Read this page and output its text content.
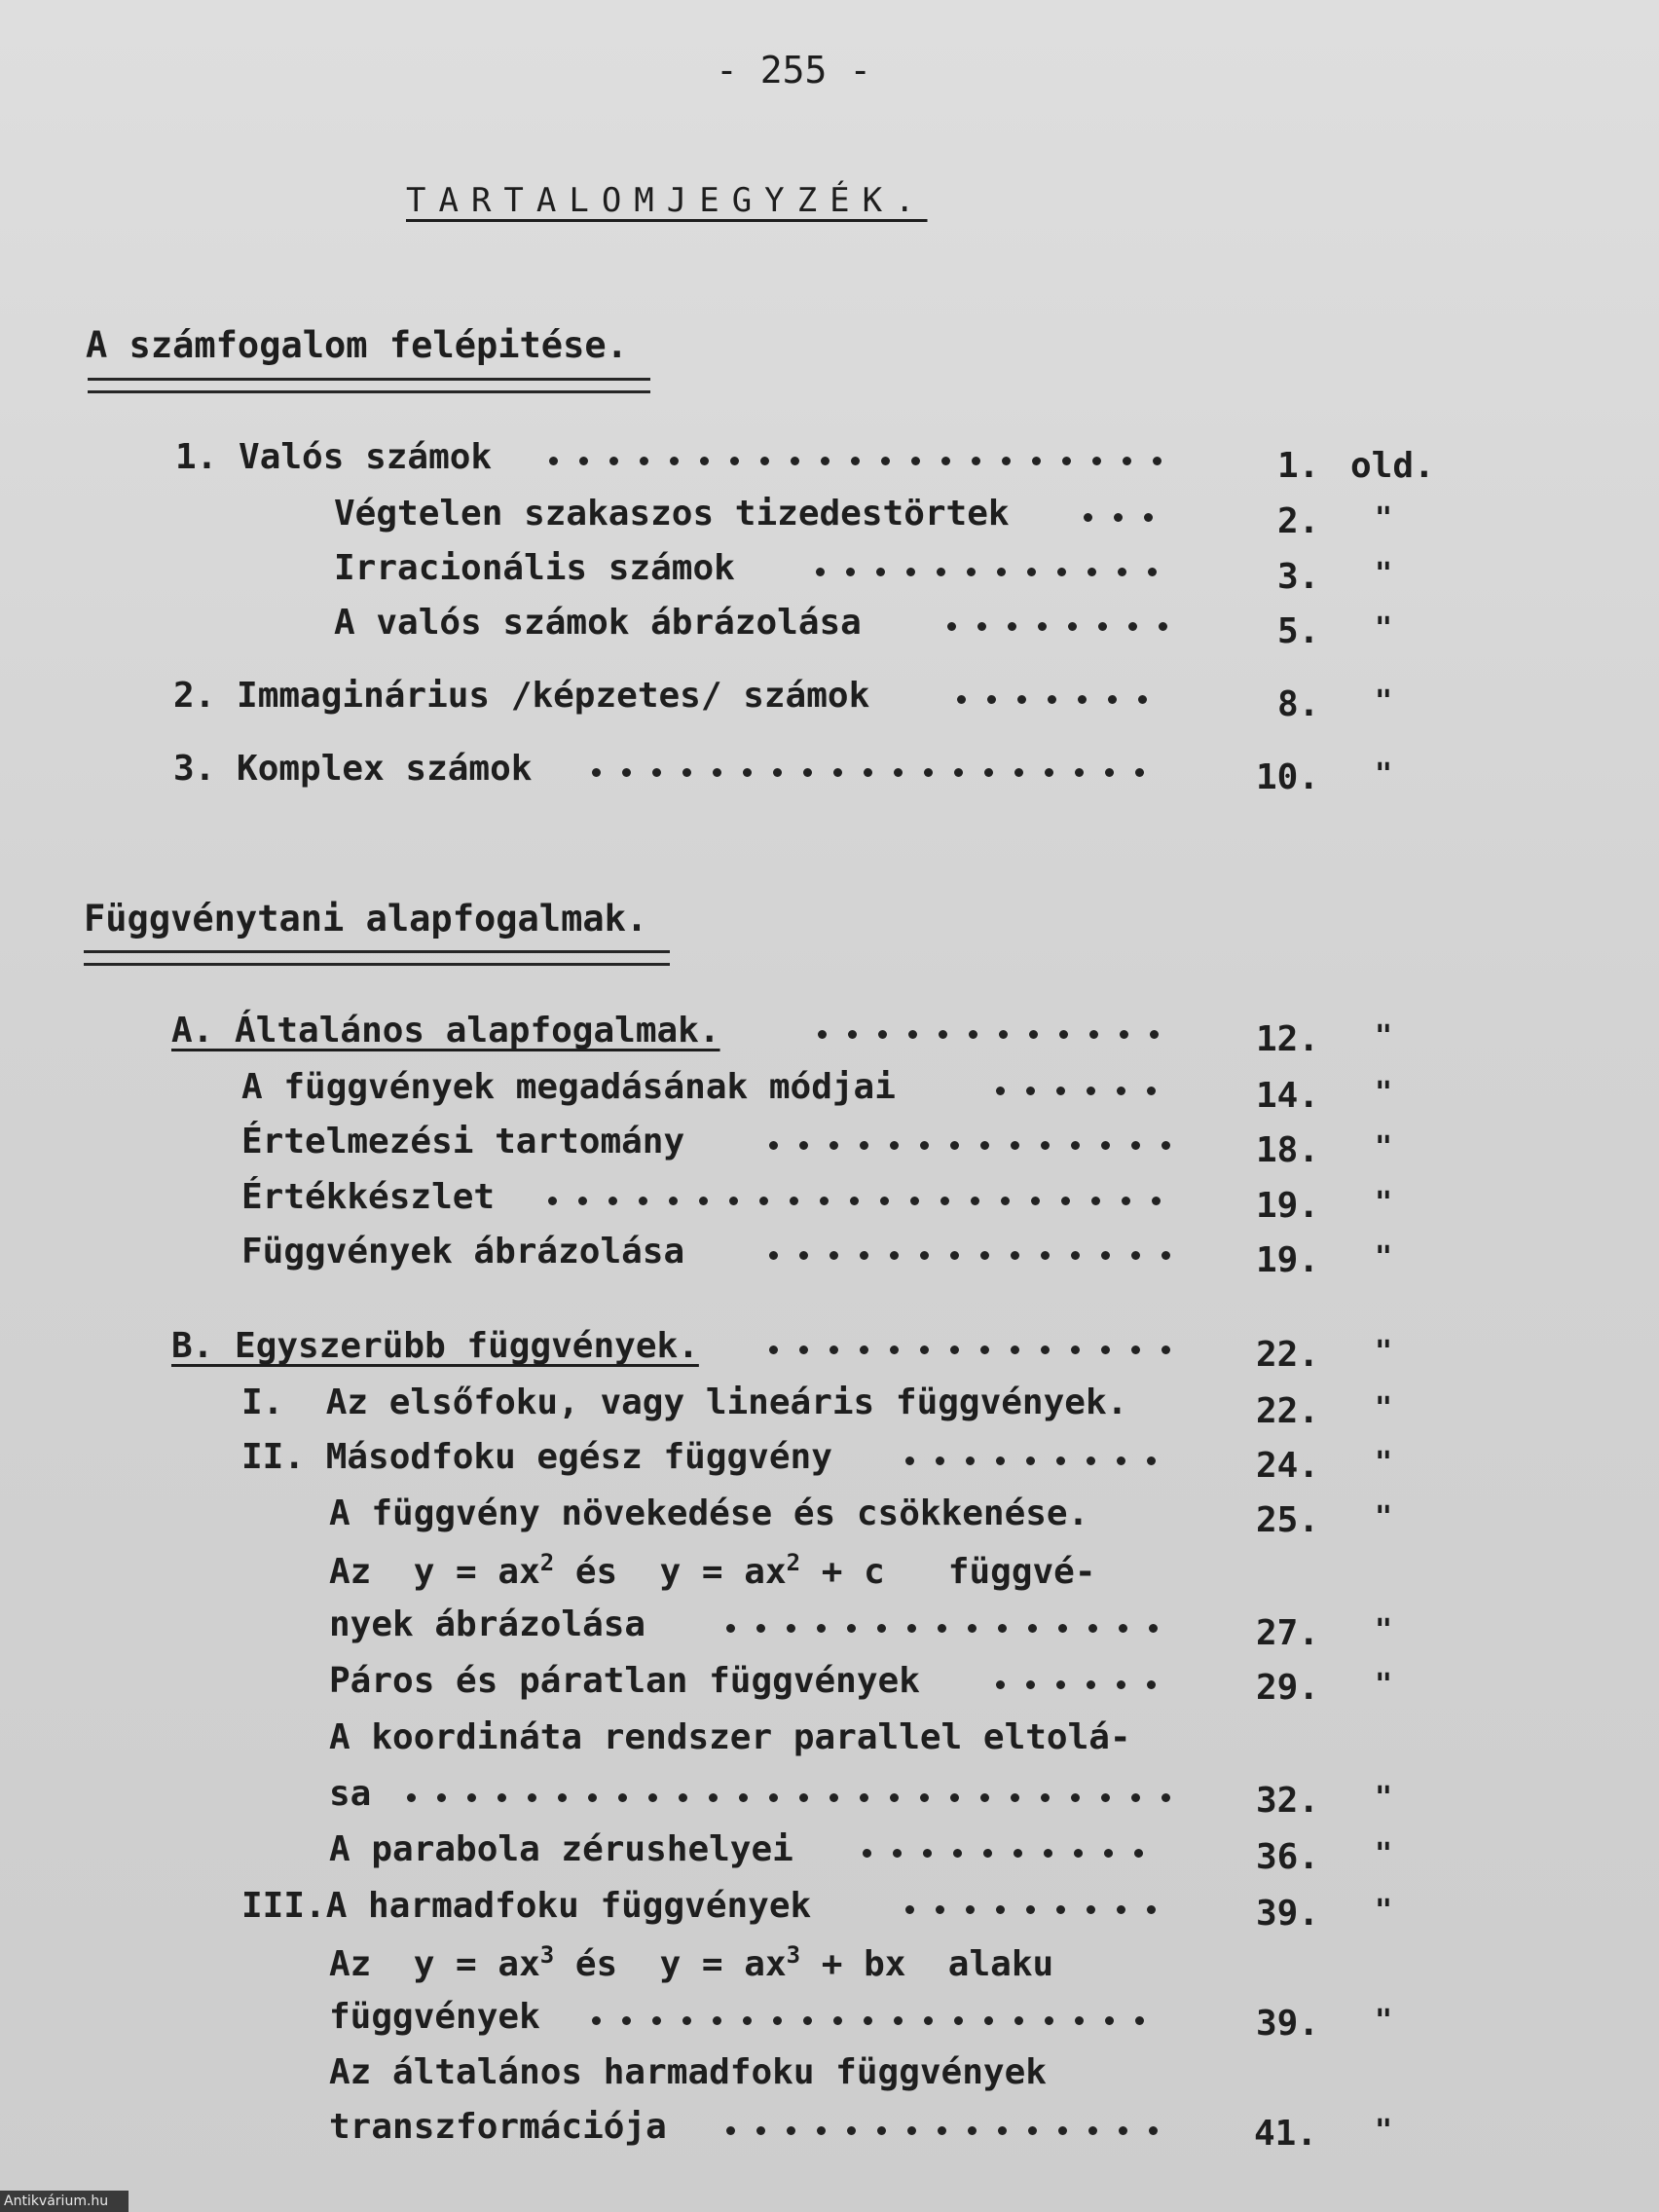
- 255 -
TARTALOMJEGYZÉK.
A számfogalom felépitése.
1. Valós számok	1. old.
Végtelen szakaszos tizedestörtek	2. "
Irracionális számok	3. "
A valós számok ábrázolása	5. "
2. Immaginárius /képzetes/ számok	8. "
3. Komplex számok	10. "
Függvénytani alapfogalmak.
A. Általános alapfogalmak.	12. "
A függvények megadásának módjai	14. "
Értelmezési tartomány	18. "
Értékkészlet	19. "
Függvények ábrázolása	19. "
B. Egyszerübb függvények.	22. "
I.  Az elsőfoku, vagy lineáris függvények.	22. "
II. Másodfoku egész függvény	24. "
A függvény növekedése és csökkenése.	25. "
Az  $y = ax^2$ és  $y = ax^2 + c$   függvé-
nyek ábrázolása	27. "
Páros és páratlan függvények	29. "
A koordináta rendszer parallel eltolá-
sa	32. "
A parabola zérushelyei	36. "
III.A harmadfoku függvények	39. "
Az  $y = ax^3$ és  $y = ax^3$ + bx  alaku
függvények	39. "
Az általános harmadfoku függvények
transzformációja	41. "
Antikvárium.hu
